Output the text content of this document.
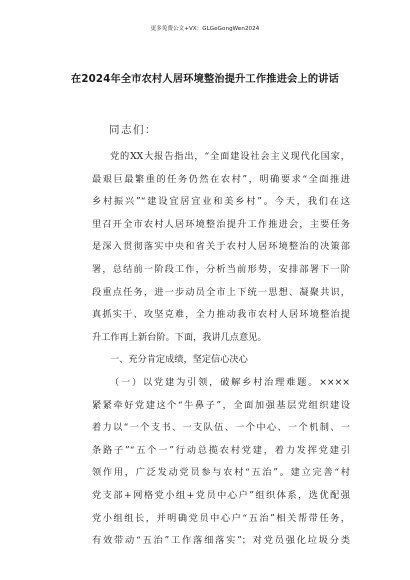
更多免费公文+VX：GLGeGongWen2024
在2024年全市农村人居环境整治提升工作推进会上的讲话
同志们：
党的XX大报告指出，“全面建设社会主义现代化国家，
最艰巨最繁重的任务仍然在农村”，明确要求“全面推进
乡村振兴”“建设宜居宜业和美乡村”。今天，我们在这
里召开全市农村人居环境整治提升工作推进会，主要任务
是深入贯彻落实中央和省关于农村人居环境整治的决策部
署，总结前一阶段工作，分析当前形势，安排部署下一阶
段重点任务，进一步动员全市上下统一思想、凝聚共识，
真抓实干、攻坚克难，全力推动我市农村人居环境整治提
升工作再上新台阶。下面，我讲几点意见。
一、充分肯定成绩，坚定信心决心
（一）以党建为引领，破解乡村治理难题。××××
紧紧牵好党建这个“牛鼻子”，全面加强基层党组织建设
着力以“一个支书、一支队伍、一个中心、一个机制、一
条路子”“五个一”行动总揽农村党建，着力发挥党建引
领作用，广泛发动党员参与农村“五治”。建立完善“村
党支部+网格党小组+党员中心户”组织体系，选优配强
党小组组长，并明确党员中心户“五治”相关帮带任务，
有效带动“五治”工作落细落实”；对党员强化垃圾分类
